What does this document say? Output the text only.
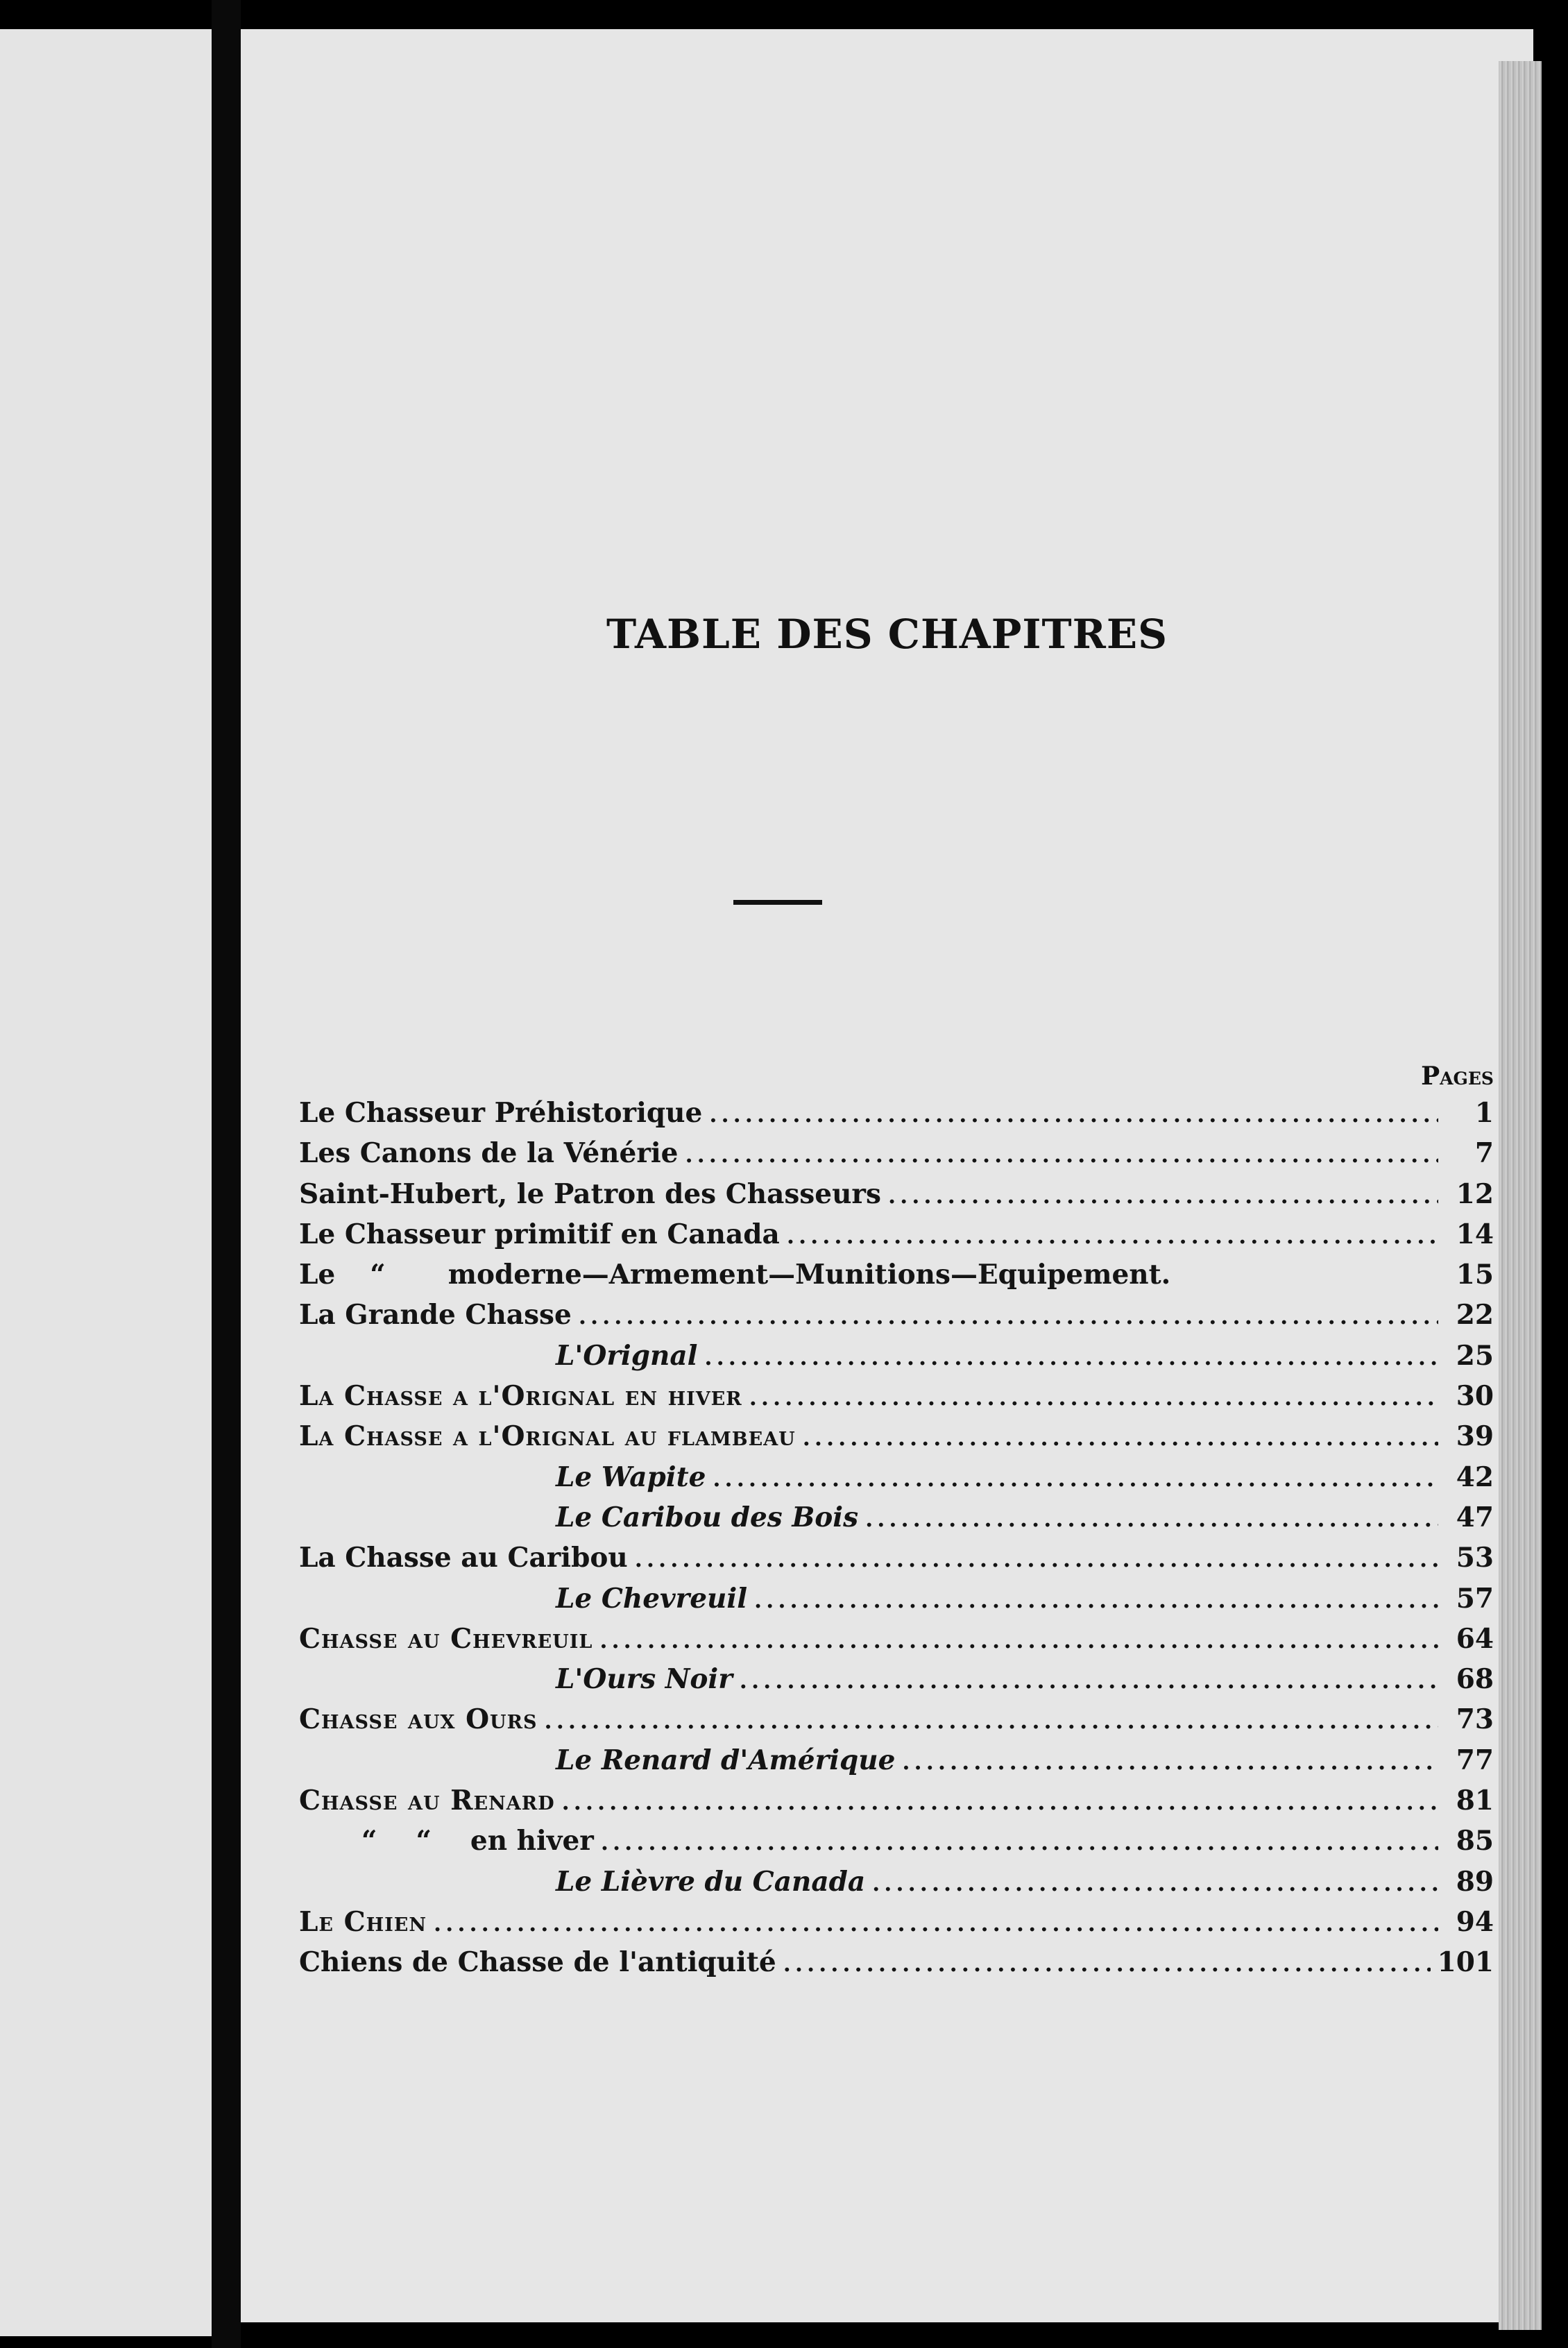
TABLE DES CHAPITRES
Pages
Le Chasseur Préhistorique .....	1
Les Canons de la Vénérie .....	7
Saint-Hubert, le Patron des Chasseurs .....	12
Le Chasseur primitif en Canada .....	14
Le “ moderne—Armement—Munitions—Equipement.	15
La Grande Chasse .....	22
L'Orignal .....	25
La Chasse a l'Orignal en hiver .....	30
La Chasse a l'Orignal au flambeau .....	39
Le Wapite .....	42
Le Caribou des Bois .....	47
La Chasse au Caribou .....	53
Le Chevreuil .....	57
Chasse au Chevreuil .....	64
L'Ours Noir .....	68
Chasse aux Ours .....	73
Le Renard d'Amérique .....	77
Chasse au Renard .....	81
“ “ en hiver .....	85
Le Lièvre du Canada .....	89
Le Chien .....	94
Chiens de Chasse de l'antiquité .....	101
